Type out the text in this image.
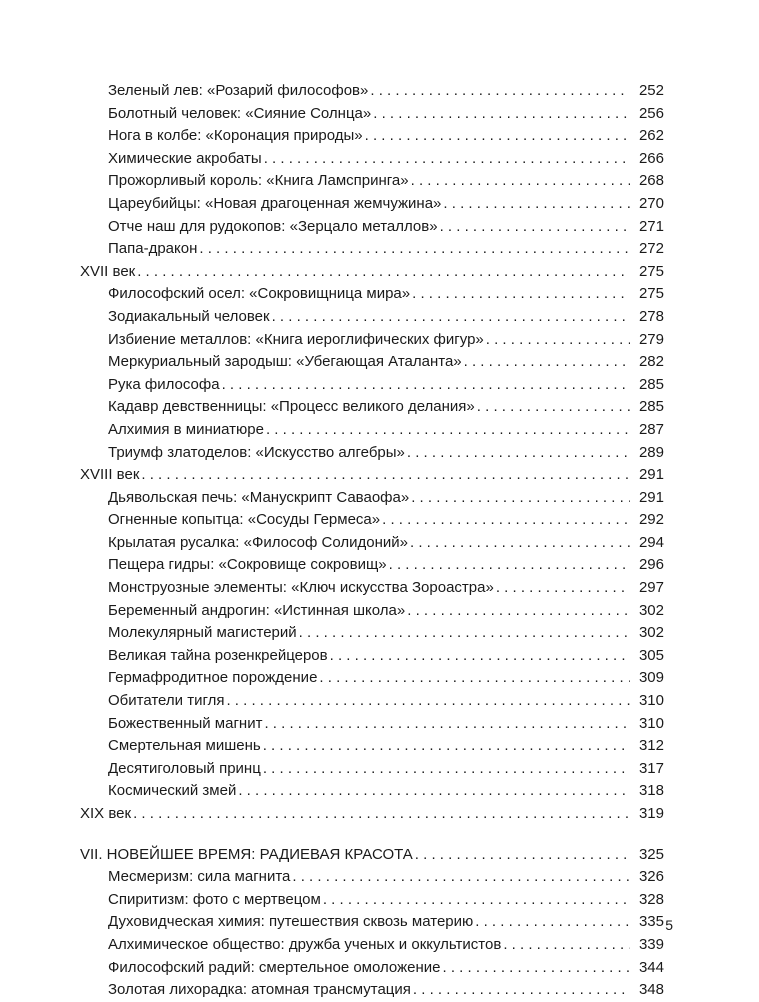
Зеленый лев: «Розарий философов» . . .	252
Болотный человек: «Сияние Солнца» . . .	256
Нога в колбе: «Коронация природы» . . .	262
Химические акробаты . . .	266
Прожорливый король: «Книга Ламспринга» . . .	268
Цареубийцы: «Новая драгоценная жемчужина» . . .	270
Отче наш для рудокопов: «Зерцало металлов» . . .	271
Папа-дракон . . .	272
XVII век . . .	275
Философский осел: «Сокровищница мира» . . .	275
Зодиакальный человек . . .	278
Избиение металлов: «Книга иероглифических фигур» . . .	279
Меркуриальный зародыш: «Убегающая Аталанта» . . .	282
Рука философа . . .	285
Кадавр девственницы: «Процесс великого делания» . . .	285
Алхимия в миниатюре . . .	287
Триумф златоделов: «Искусство алгебры» . . .	289
XVIII век . . .	291
Дьявольская печь: «Манускрипт Саваофа» . . .	291
Огненные копытца: «Сосуды Гермеса» . . .	292
Крылатая русалка: «Философ Солидоний» . . .	294
Пещера гидры: «Сокровище сокровищ» . . .	296
Монструозные элементы: «Ключ искусства Зороастра» . . .	297
Беременный андрогин: «Истинная школа» . . .	302
Молекулярный магистерий . . .	302
Великая тайна розенкрейцеров . . .	305
Гермафродитное порождение . . .	309
Обитатели тигля . . .	310
Божественный магнит . . .	310
Смертельная мишень . . .	312
Десятиголовый принц . . .	317
Космический змей . . .	318
XIX век . . .	319
VII. НОВЕЙШЕЕ ВРЕМЯ: РАДИЕВАЯ КРАСОТА . . .	325
Месмеризм: сила магнита . . .	326
Спиритизм: фото с мертвецом . . .	328
Духовидческая химия: путешествия сквозь материю . . .	335
Алхимическое общество: дружба ученых и оккультистов . . .	339
Философский радий: смертельное омоложение . . .	344
Золотая лихорадка: атомная трансмутация . . .	348
5
